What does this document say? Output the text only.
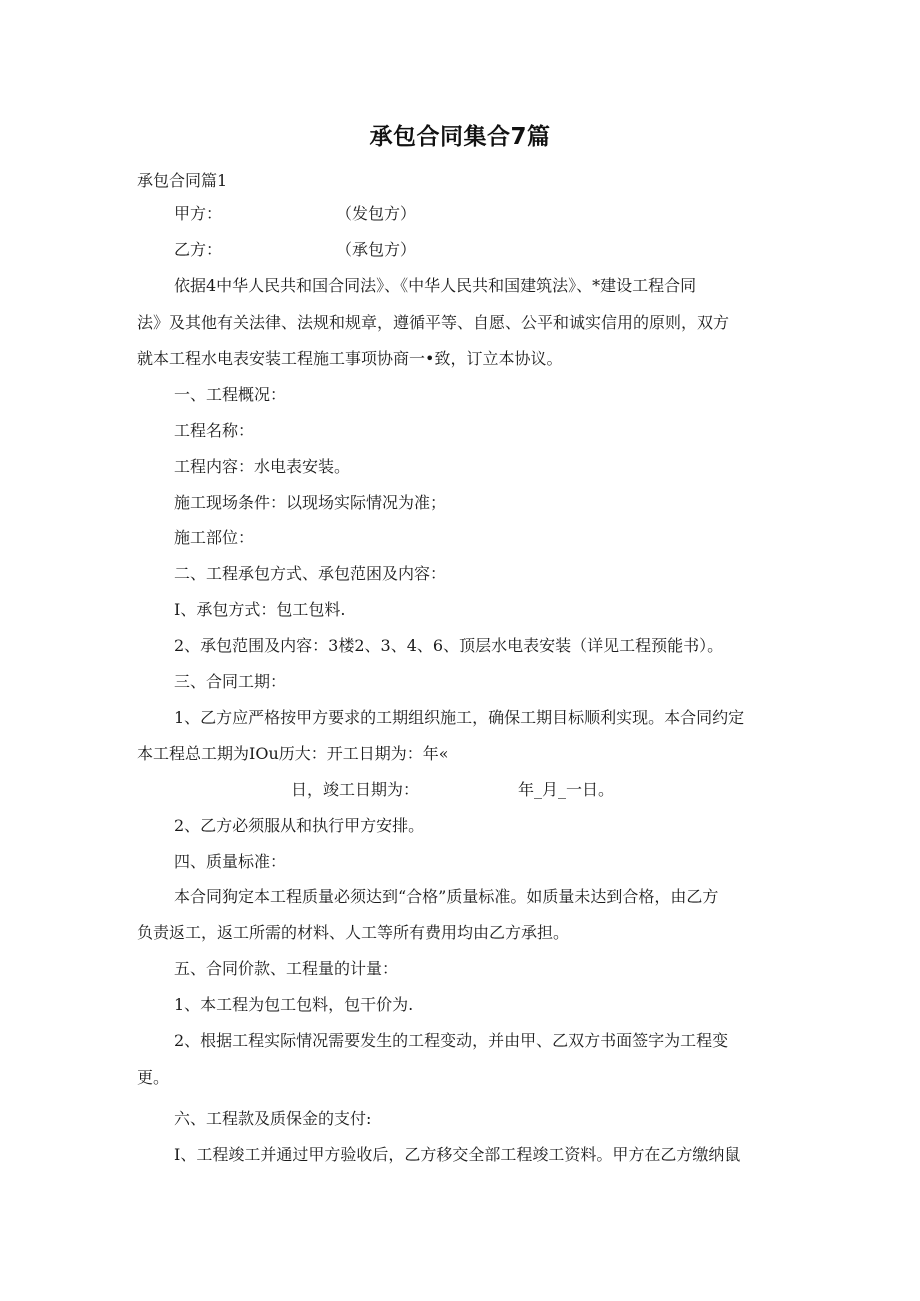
承包合同集合7篇
承包合同篇1
甲方：	（发包方）
乙方：	（承包方）
依据4中华人民共和国合同法》、《中华人民共和国建筑法》、*建设工程合同
法》及其他有关法律、法规和规章，遵循平等、自愿、公平和诚实信用的原则，双方
就本工程水电表安装工程施工事项协商一•致，订立本协议。
一、工程概况：
工程名称：
工程内容：水电表安装。
施工现场条件：以现场实际情况为准；
施工部位：
二、工程承包方式、承包范困及内容：
I、承包方式：包工包料.
2、承包范围及内容：3楼2、3、4、6、顶层水电表安装（详见工程预能书）。
三、合同工期：
1、乙方应严格按甲方要求的工期组织施工，确保工期目标顺利实现。本合同约定
本工程总工期为IOu历大：开工日期为：年«
日，竣工日期为：	年_月_一日。
2、乙方必须服从和执行甲方安排。
四、质量标准：
本合同狗定本工程质量必须达到“合格”质量标准。如质量未达到合格，由乙方
负责返工，返工所需的材料、人工等所有费用均由乙方承担。
五、合同价款、工程量的计量：
1、本工程为包工包料，包干价为.
2、根据工程实际情况需要发生的工程变动，并由甲、乙双方书面签字为工程变
更。
六、工程款及质保金的支付:
I、工程竣工并通过甲方验收后，乙方移交全部工程竣工资料。甲方在乙方缴纳鼠
